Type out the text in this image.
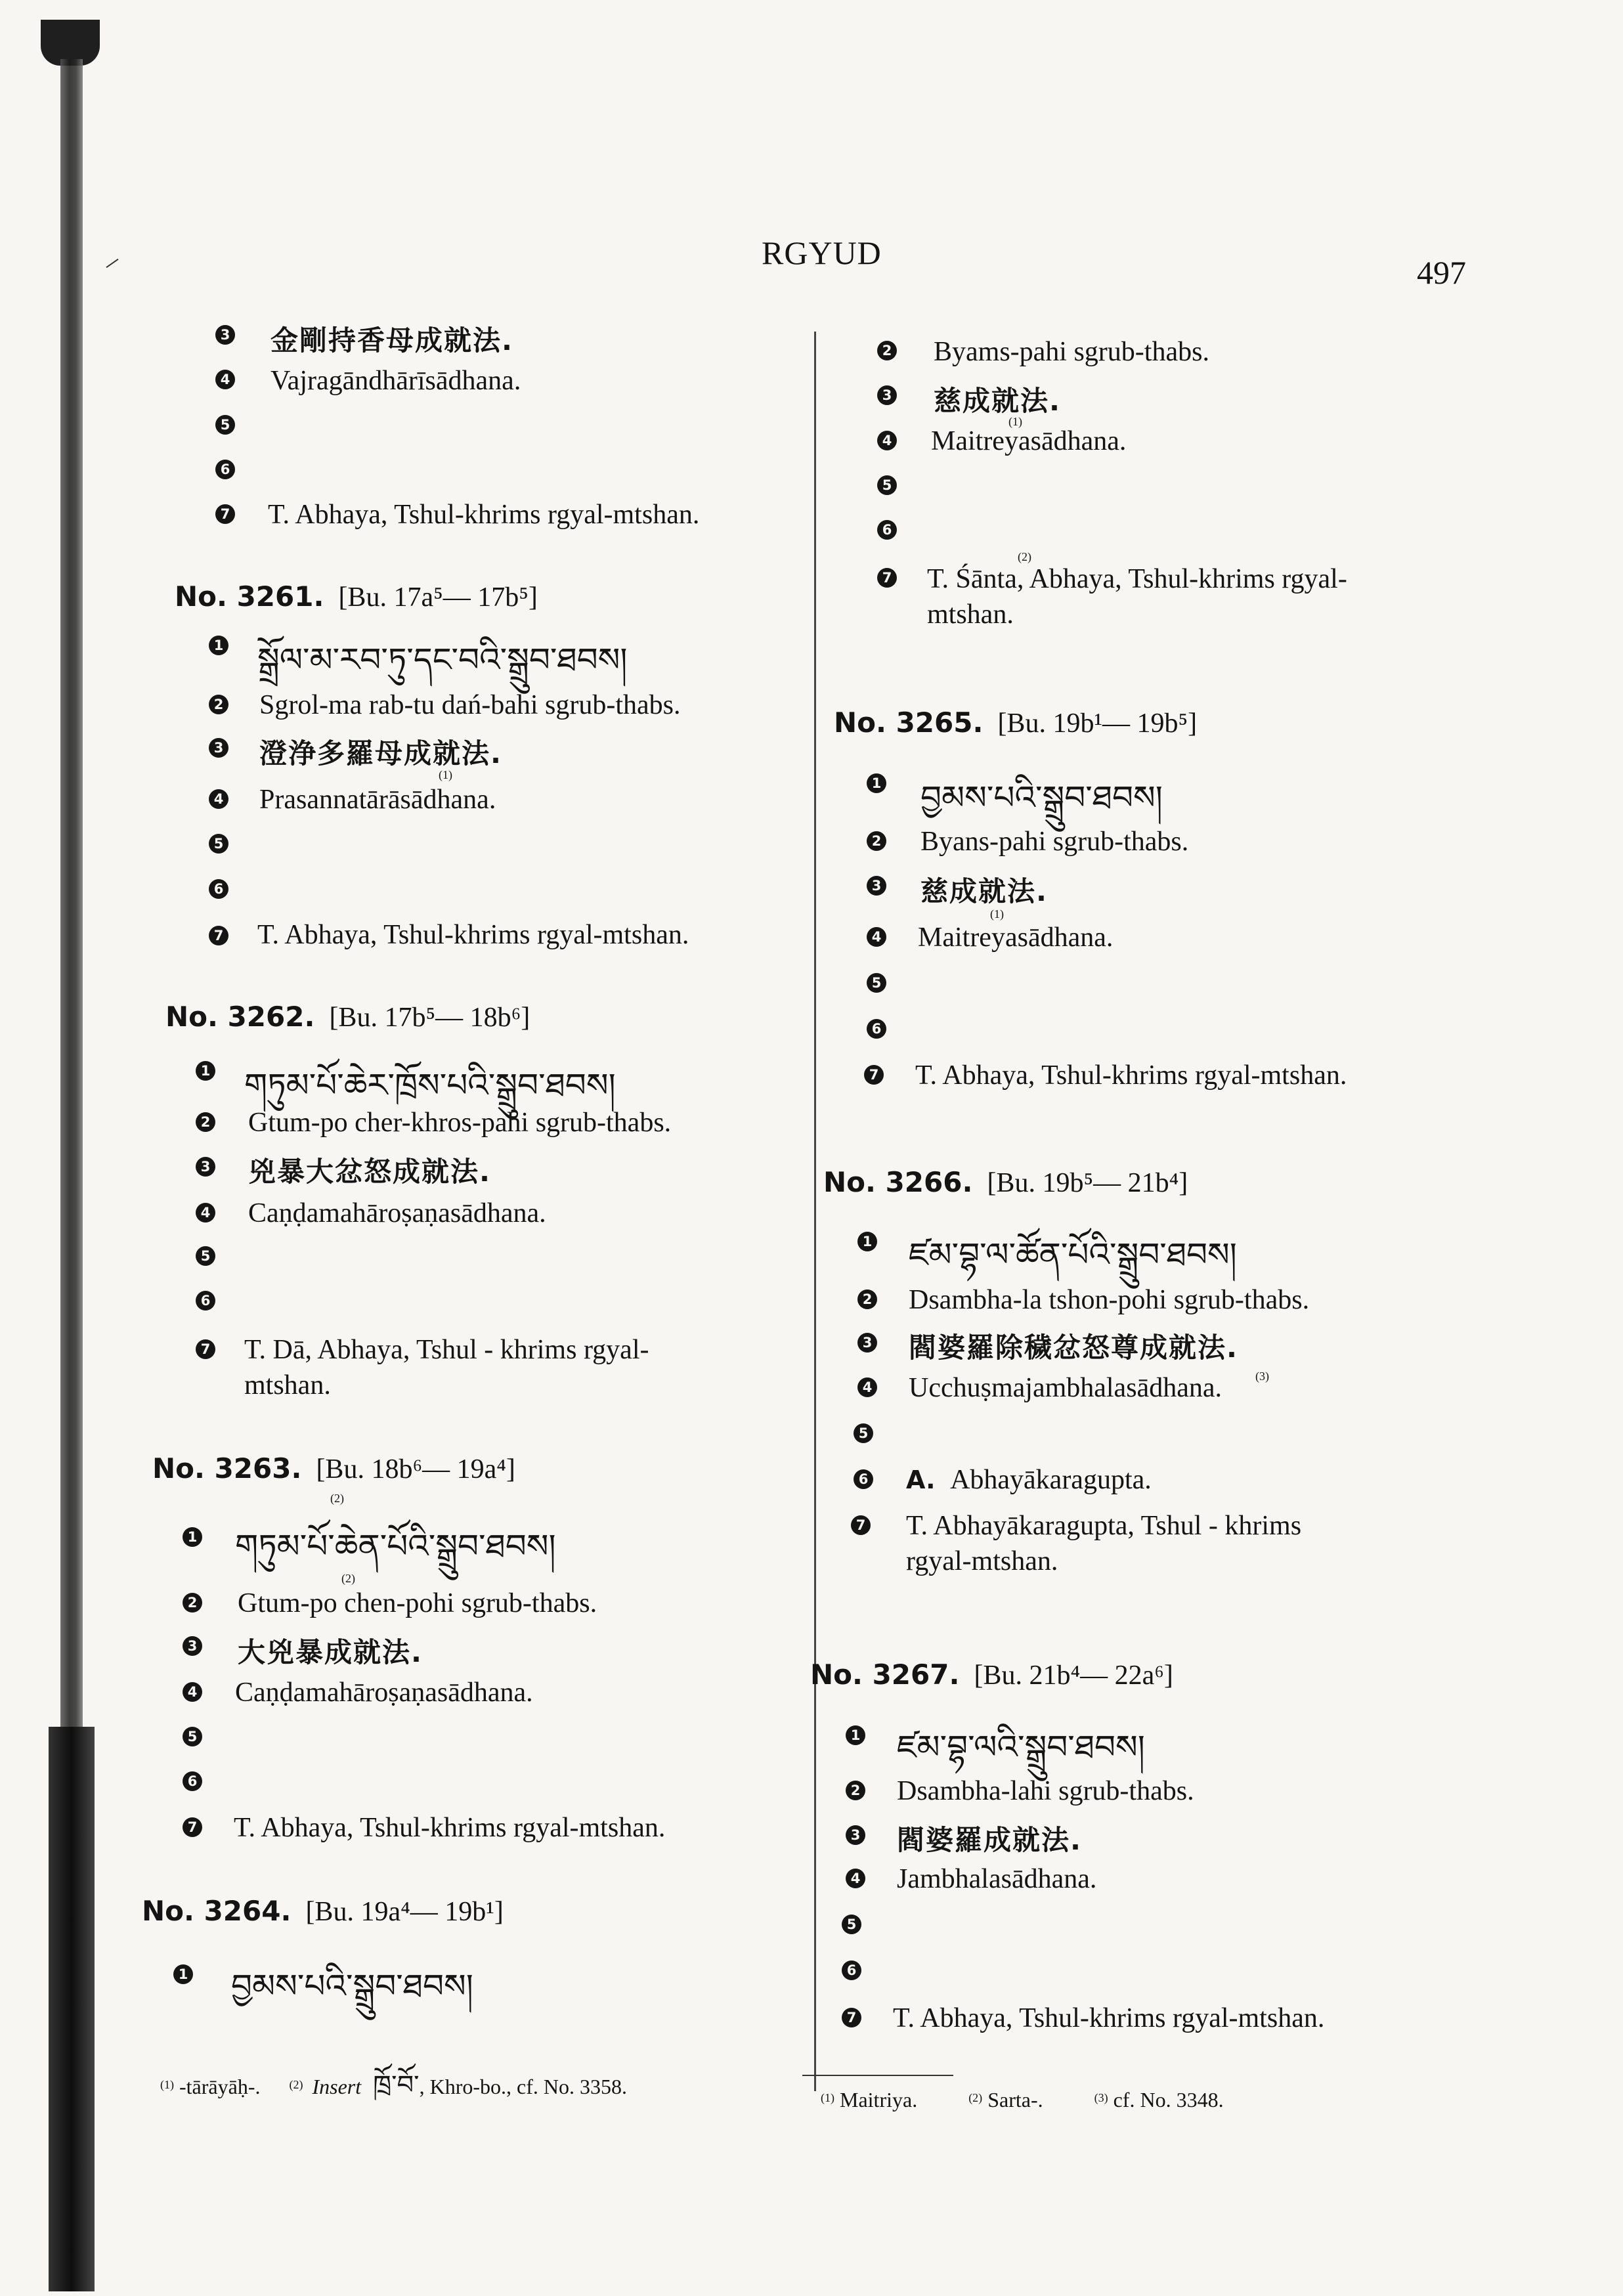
RGYUD
497
3 金剛持香母成就法.
4 Vajragāndhārīsādhana.
5
6
7 T. Abhaya, Tshul-khrims rgyal-mtshan.
No. 3261. [Bu. 17a⁵— 17b⁵]
1 སྒྲོལ་མ་རབ་ཏུ་དང་བའི་སྒྲུབ་ཐབས།
2 Sgrol-ma rab-tu dań-bahi sgrub-thabs.
3 澄浄多羅母成就法.
(1)
4 Prasannatārāsādhana.
5
6
7 T. Abhaya, Tshul-khrims rgyal-mtshan.
No. 3262. [Bu. 17b⁵— 18b⁶]
1 གཏུམ་པོ་ཆེར་ཁྲོས་པའི་སྒྲུབ་ཐབས།
2 Gtum-po cher-khros-pahi sgrub-thabs.
3 兇暴大忿怒成就法.
4 Caṇḍamahāroṣaṇasādhana.
5
6
7 T. Dā, Abhaya, Tshul - khrims rgyal-
mtshan.
No. 3263. [Bu. 18b⁶— 19a⁴]
(2)
1 གཏུམ་པོ་ཆེན་པོའི་སྒྲུབ་ཐབས།
(2)
2 Gtum-po chen-pohi sgrub-thabs.
3 大兇暴成就法.
4 Caṇḍamahāroṣaṇasādhana.
5
6
7 T. Abhaya, Tshul-khrims rgyal-mtshan.
No. 3264. [Bu. 19a⁴— 19b¹]
1 བྱམས་པའི་སྒྲུབ་ཐབས།
$^{(1)}$ -tārāyāḥ-. $^{(2)}$ Insert ཁྲོ་བོ་, Khro-bo., cf. No. 3358.
2 Byams-pahi sgrub-thabs.
3 慈成就法.
(1)
4 Maitreyasādhana.
5
6
(2)
7 T. Śānta, Abhaya, Tshul-khrims rgyal-
mtshan.
No. 3265. [Bu. 19b¹— 19b⁵]
1 བྱམས་པའི་སྒྲུབ་ཐབས།
2 Byans-pahi sgrub-thabs.
3 慈成就法.
(1)
4 Maitreyasādhana.
5
6
7 T. Abhaya, Tshul-khrims rgyal-mtshan.
No. 3266. [Bu. 19b⁵— 21b⁴]
1 ཛམ་བྷ་ལ་ཚོན་པོའི་སྒྲུབ་ཐབས།
2 Dsambha-la tshon-pohi sgrub-thabs.
3 閻婆羅除穢忿怒尊成就法.
4 Ucchuṣmajambhalasādhana.	(3)
5
6 A. Abhayākaragupta.
7 T. Abhayākaragupta, Tshul - khrims
rgyal-mtshan.
No. 3267. [Bu. 21b⁴— 22a⁶]
1 ཛམ་བྷ་ལའི་སྒྲུབ་ཐབས།
2 Dsambha-lahi sgrub-thabs.
3 閻婆羅成就法.
4 Jambhalasādhana.
5
6
7 T. Abhaya, Tshul-khrims rgyal-mtshan.
$^{(1)}$ Maitriya.	$^{(2)}$ Sarta-.	$^{(3)}$ cf. No. 3348.
